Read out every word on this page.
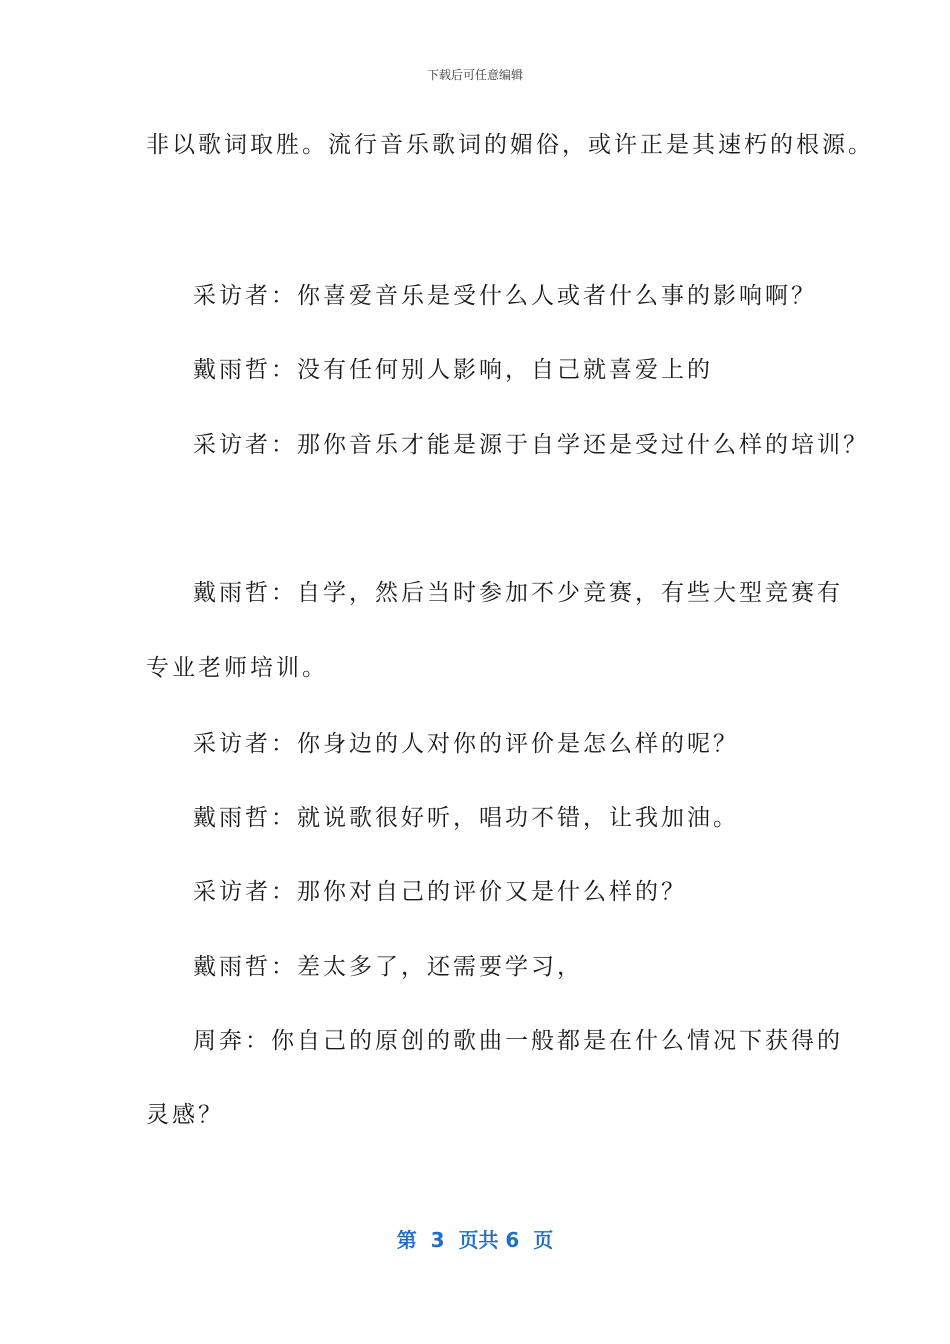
下载后可任意编辑
非以歌词取胜。流行音乐歌词的媚俗，或许正是其速朽的根源。
采访者：你喜爱音乐是受什么人或者什么事的影响啊？
戴雨哲：没有任何别人影响，自己就喜爱上的
采访者：那你音乐才能是源于自学还是受过什么样的培训？
戴雨哲：自学，然后当时参加不少竞赛，有些大型竞赛有
专业老师培训。
采访者：你身边的人对你的评价是怎么样的呢？
戴雨哲：就说歌很好听，唱功不错，让我加油。
采访者：那你对自己的评价又是什么样的？
戴雨哲：差太多了，还需要学习，
周奔：你自己的原创的歌曲一般都是在什么情况下获得的
灵感？
第  3  页共 6  页
